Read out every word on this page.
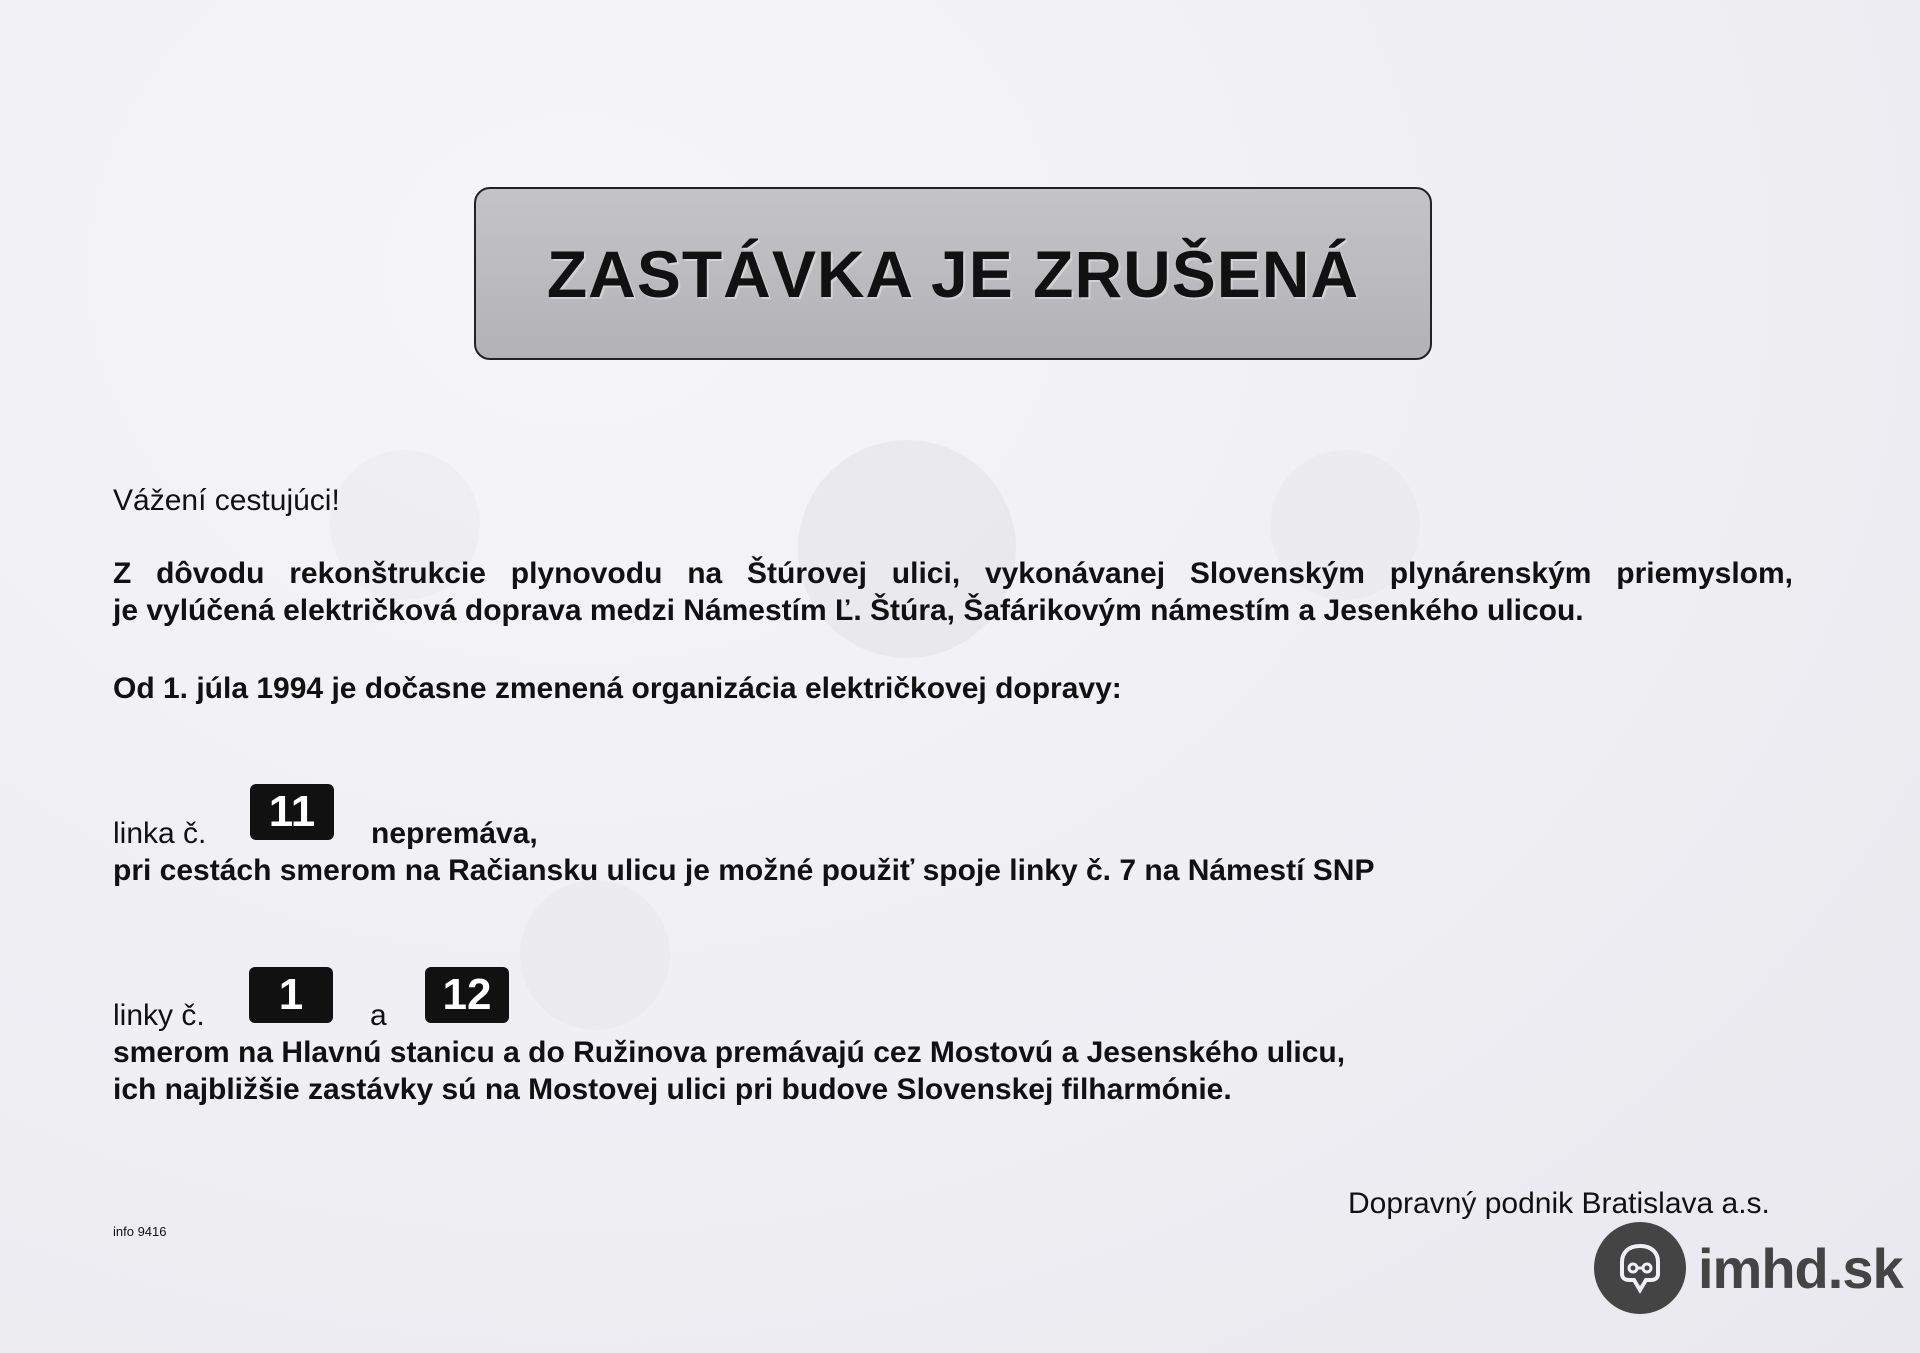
ZASTÁVKA JE ZRUŠENÁ
Vážení cestujúci!
Z dôvodu rekonštrukcie plynovodu na Štúrovej ulici, vykonávanej Slovenským plynárenským priemyslom,
je vylúčená električková doprava medzi Námestím Ľ. Štúra, Šafárikovým námestím a Jesenkého ulicou.
Od 1. júla 1994 je dočasne zmenená organizácia električkovej dopravy:
linka č.	11	nepremáva,
pri cestách smerom na Račiansku ulicu je možné použiť spoje linky č. 7 na Námestí SNP
linky č.	1	a	12
smerom na Hlavnú stanicu a do Ružinova premávajú cez Mostovú a Jesenského ulicu,
ich najbližšie zastávky sú na Mostovej ulici pri budove Slovenskej filharmónie.
info 9416
Dopravný podnik Bratislava a.s.
imhd.sk
